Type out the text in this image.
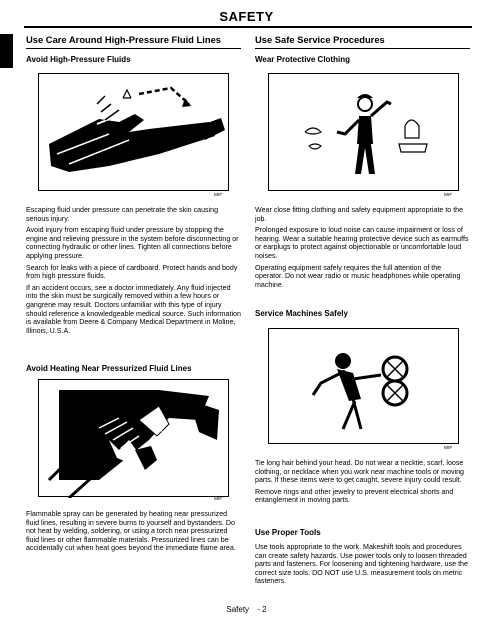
SAFETY
Use Care Around High-Pressure Fluid Lines
Avoid High-Pressure Fluids
MIF

Escaping fluid under pressure can penetrate the skin causing serious injury.

Avoid injury from escaping fluid under pressure by stopping the engine and relieving pressure in the system before disconnecting or connecting hydraulic or other lines. Tighten all connections before applying pressure.

Search for leaks with a piece of cardboard. Protect hands and body from high pressure fluids.

If an accident occurs, see a doctor immediately. Any fluid injected into the skin must be surgically removed within a few hours or gangrene may result. Doctors unfamiliar with this type of injury should reference a knowledgeable medical source. Such information is available from Deere & Company Medical Department in Moline, Illinois, U.S.A.

Avoid Heating Near Pressurized Fluid Lines
MIF

Flammable spray can be generated by heating near pressurized fluid lines, resulting in severe burns to yourself and bystanders. Do not heat by welding, soldering, or using a torch near pressurized fluid lines or other flammable materials. Pressurized lines can be accidentally cut when heat goes beyond the immediate flame area.

Use Safe Service Procedures
Wear Protective Clothing
MIF

Wear close fitting clothing and safety equipment appropriate to the job.

Prolonged exposure to loud noise can cause impairment or loss of hearing. Wear a suitable hearing protective device such as earmuffs or earplugs to protect against objectionable or uncomfortable loud noises.

Operating equipment safely requires the full attention of the operator. Do not wear radio or music headphones while operating machine.

Service Machines Safely
MIF

Tie long hair behind your head. Do not wear a necktie, scarf, loose clothing, or necklace when you work near machine tools or moving parts. If these items were to get caught, severe injury could result.

Remove rings and other jewelry to prevent electrical shorts and entanglement in moving parts.

Use Proper Tools

Use tools appropriate to the work. Makeshift tools and procedures can create safety hazards. Use power tools only to loosen threaded parts and fasteners. For loosening and tightening hardware, use the correct size tools. DO NOT use U.S. measurement tools on metric fasteners.

Safety - 2
